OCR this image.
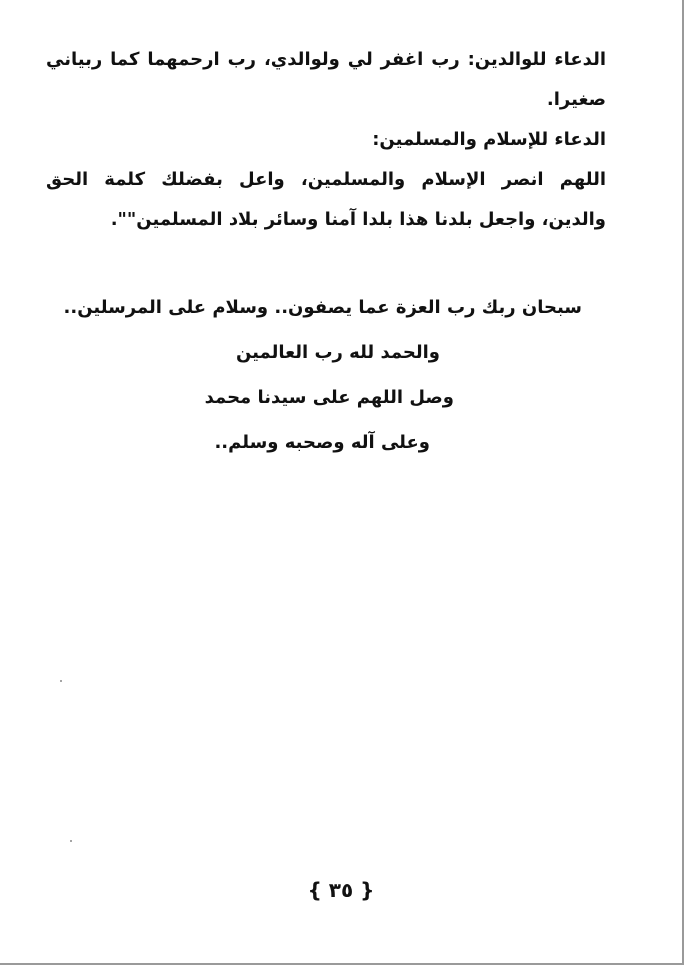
الدعاء للوالدين: رب اغفر لي ولوالدي، رب ارحمهما كما ربياني صغيرا.

الدعاء للإسلام والمسلمين:

اللهم انصر الإسلام والمسلمين، واعل بفضلك كلمة الحق والدين، واجعل بلدنا هذا بلدا آمنا وسائر بلاد المسلمين"".

سبحان ربك رب العزة عما يصفون.. وسلام على المرسلين..
والحمد لله رب العالمين
وصل اللهم على سيدنا محمد
وعلى آله وصحبه وسلم..
{ ٣٥ }
